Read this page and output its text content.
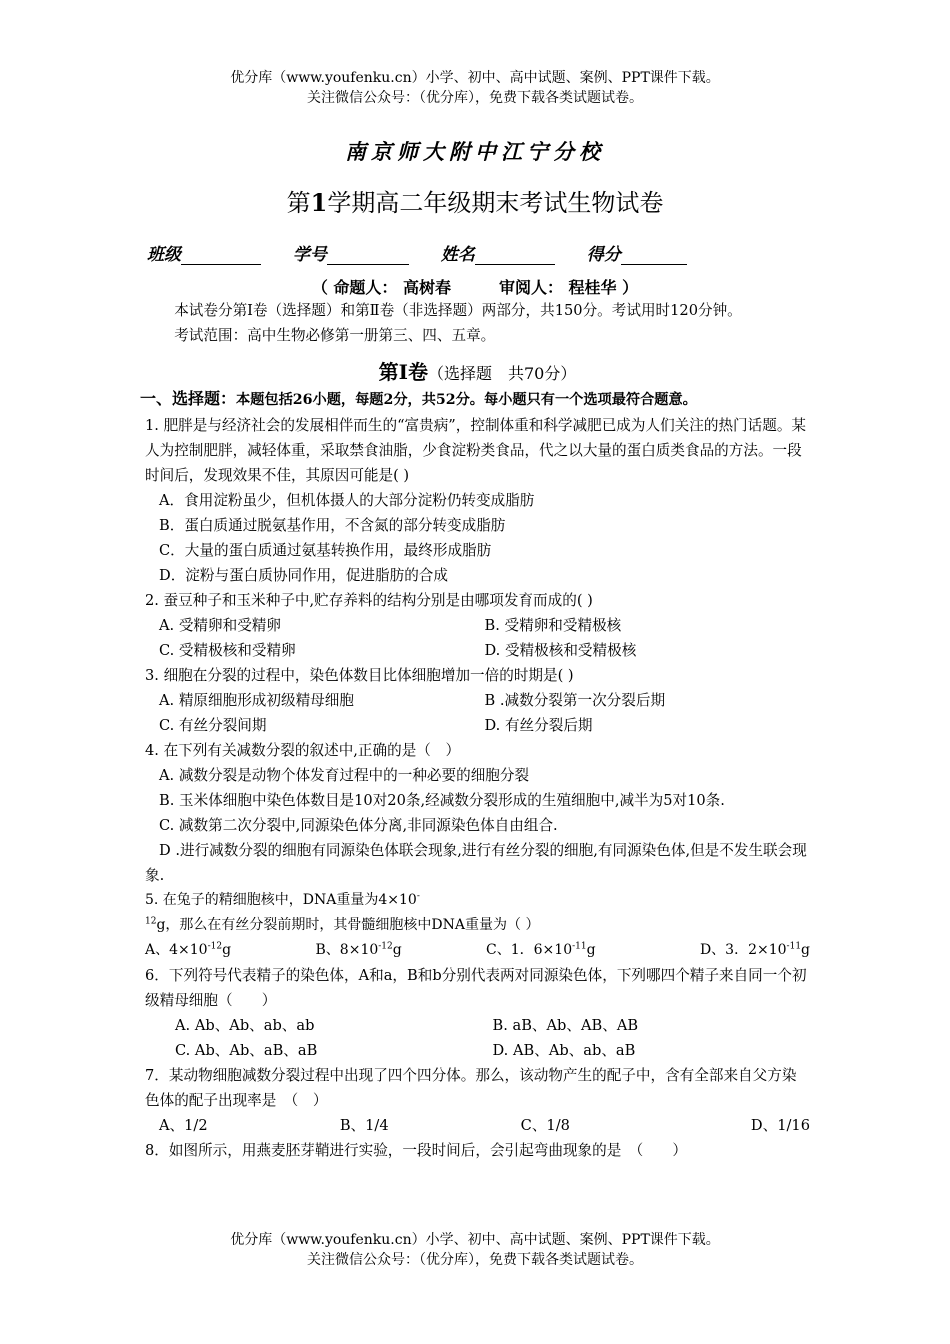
优分库（www.youfenku.cn）小学、初中、高中试题、案例、PPT课件下载。
关注微信公众号：（优分库），免费下载各类试题试卷。
南京师大附中江宁分校
第1学期高二年级期末考试生物试卷
班级	学号	姓名	得分
（ 命题人： 高树春　　　审阅人： 程桂华 ）
本试卷分第Ⅰ卷（选择题）和第Ⅱ卷（非选择题）两部分，共150分。考试用时120分钟。
考试范围：高中生物必修第一册第三、四、五章。
第Ⅰ卷（选择题　共70分）
一、选择题：本题包括26小题，每题2分，共52分。每小题只有一个选项最符合题意。
1. 肥胖是与经济社会的发展相伴而生的“富贵病”，控制体重和科学减肥已成为人们关注的热门话题。某人为控制肥胖，减轻体重，采取禁食油脂，少食淀粉类食品，代之以大量的蛋白质类食品的方法。一段时间后，发现效果不佳，其原因可能是( )
A．食用淀粉虽少，但机体摄人的大部分淀粉仍转变成脂肪
B．蛋白质通过脱氨基作用，不含氮的部分转变成脂肪
C．大量的蛋白质通过氨基转换作用，最终形成脂肪
D．淀粉与蛋白质协同作用，促进脂肪的合成
2. 蚕豆种子和玉米种子中,贮存养料的结构分别是由哪项发育而成的( )
A. 受精卵和受精卵	B. 受精卵和受精极核
C. 受精极核和受精卵	D. 受精极核和受精极核
3. 细胞在分裂的过程中，染色体数目比体细胞增加一倍的时期是( )
A. 精原细胞形成初级精母细胞	B .减数分裂第一次分裂后期
C. 有丝分裂间期	D. 有丝分裂后期
4. 在下列有关减数分裂的叙述中,正确的是（　）
A. 减数分裂是动物个体发育过程中的一种必要的细胞分裂
B. 玉米体细胞中染色体数目是10对20条,经减数分裂形成的生殖细胞中,减半为5对10条.
C. 减数第二次分裂中,同源染色体分离,非同源染色体自由组合.
D .进行减数分裂的细胞有同源染色体联会现象,进行有丝分裂的细胞,有同源染色体,但是不发生联会现象.
5. 在兔子的精细胞核中，DNA重量为$4\times 10^{-12}g$，那么在有丝分裂前期时，其骨髓细胞核中DNA重量为（ ）
A、$4\times 10^{-12}g$	B、$8\times 10^{-12}g$	C、1．$6\times 10^{-11}g$	D、3．$2\times 10^{-11}g$
6．下列符号代表精子的染色体，A和a，B和b分别代表两对同源染色体，下列哪四个精子来自同一个初级精母细胞（　　）
A. Ab、Ab、ab、ab	B. aB、Ab、AB、AB
C. Ab、Ab、aB、aB	D. AB、Ab、ab、aB
7．某动物细胞减数分裂过程中出现了四个四分体。那么，该动物产生的配子中，含有全部来自父方染色体的配子出现率是　（　）
A、1/2	B、1/4	C、1/8	D、1/16
8．如图所示，用燕麦胚芽鞘进行实验，一段时间后，会引起弯曲现象的是　（　　）
优分库（www.youfenku.cn）小学、初中、高中试题、案例、PPT课件下载。
关注微信公众号：（优分库），免费下载各类试题试卷。
